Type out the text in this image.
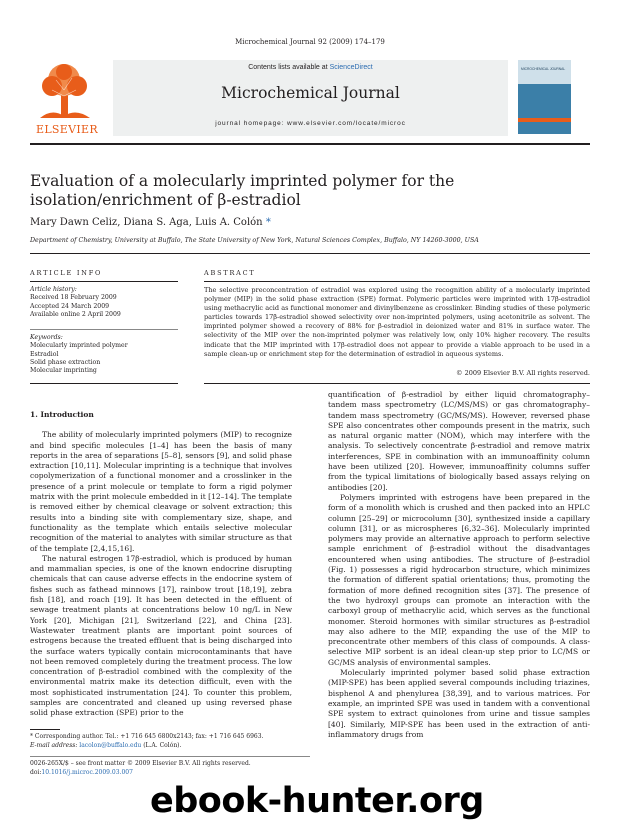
Microchemical Journal 92 (2009) 174–179
ELSEVIER
Contents lists available at ScienceDirect
Microchemical Journal
journal homepage: www.elsevier.com/locate/microc
MICROCHEMICAL JOURNAL
Evaluation of a molecularly imprinted polymer for the isolation/enrichment of β-estradiol
Mary Dawn Celiz, Diana S. Aga, Luis A. Colón *
Department of Chemistry, University at Buffalo, The State University of New York, Natural Sciences Complex, Buffalo, NY 14260-3000, USA
ARTICLE INFO
Article history:
Received 18 February 2009
Accepted 24 March 2009
Available online 2 April 2009
Keywords:
Molecularly imprinted polymer
Estradiol
Solid phase extraction
Molecular imprinting
ABSTRACT
The selective preconcentration of estradiol was explored using the recognition ability of a molecularly imprinted polymer (MIP) in the solid phase extraction (SPE) format. Polymeric particles were imprinted with 17β-estradiol using methacrylic acid as functional monomer and divinylbenzene as crosslinker. Binding studies of these polymeric particles towards 17β-estradiol showed selectivity over non-imprinted polymers, using acetonitrile as solvent. The imprinted polymer showed a recovery of 88% for β-estradiol in deionized water and 81% in surface water. The selectivity of the MIP over the non-imprinted polymer was relatively low, only 10% higher recovery. The results indicate that the MIP imprinted with 17β-estradiol does not appear to provide a viable approach to be used in a sample clean-up or enrichment step for the determination of estradiol in aqueous systems.
© 2009 Elsevier B.V. All rights reserved.

1. Introduction

The ability of molecularly imprinted polymers (MIP) to recognize and bind specific molecules [1–4] has been the basis of many reports in the area of separations [5–8], sensors [9], and solid phase extraction [10,11]. Molecular imprinting is a technique that involves copolymerization of a functional monomer and a crosslinker in the presence of a print molecule or template to form a rigid polymer matrix with the print molecule embedded in it [12–14]. The template is removed either by chemical cleavage or solvent extraction; this results into a binding site with complementary size, shape, and functionality as the template which entails selective molecular recognition of the material to analytes with similar structure as that of the template [2,4,15,16].

The natural estrogen 17β-estradiol, which is produced by human and mammalian species, is one of the known endocrine disrupting chemicals that can cause adverse effects in the endocrine system of fishes such as fathead minnows [17], rainbow trout [18,19], zebra fish [18], and roach [19]. It has been detected in the effluent of sewage treatment plants at concentrations below 10 ng/L in New York [20], Michigan [21], Switzerland [22], and China [23]. Wastewater treatment plants are important point sources of estrogens because the treated effluent that is being discharged into the surface waters typically contain microcontaminants that have not been removed completely during the treatment process. The low concentration of β-estradiol combined with the complexity of the environmental matrix make its detection difficult, even with the most sophisticated instrumentation [24]. To counter this problem, samples are concentrated and cleaned up using reversed phase solid phase extraction (SPE) prior to the

quantification of β-estradiol by either liquid chromatography–tandem mass spectrometry (LC/MS/MS) or gas chromatography–tandem mass spectrometry (GC/MS/MS). However, reversed phase SPE also concentrates other compounds present in the matrix, such as natural organic matter (NOM), which may interfere with the analysis. To selectively concentrate β-estradiol and remove matrix interferences, SPE in combination with an immunoaffinity column have been utilized [20]. However, immunoaffinity columns suffer from the typical limitations of biologically based assays relying on antibodies [20].

Polymers imprinted with estrogens have been prepared in the form of a monolith which is crushed and then packed into an HPLC column [25–29] or microcolumn [30], synthesized inside a capillary column [31], or as microspheres [6,32–36]. Molecularly imprinted polymers may provide an alternative approach to perform selective sample enrichment of β-estradiol without the disadvantages encountered when using antibodies. The structure of β-estradiol (Fig. 1) possesses a rigid hydrocarbon structure, which minimizes the formation of different spatial orientations; thus, promoting the formation of more defined recognition sites [37]. The presence of the two hydroxyl groups can promote an interaction with the carboxyl group of methacrylic acid, which serves as the functional monomer. Steroid hormones with similar structures as β-estradiol may also adhere to the MIP, expanding the use of the MIP to preconcentrate other members of this class of compounds. A class-selective MIP sorbent is an ideal clean-up step prior to LC/MS or GC/MS analysis of environmental samples.

Molecularly imprinted polymer based solid phase extraction (MIP-SPE) has been applied several compounds including triazines, bisphenol A and phenylurea [38,39], and to various matrices. For example, an imprinted SPE was used in tandem with a conventional SPE system to extract quinolones from urine and tissue samples [40]. Similarly, MIP-SPE has been used in the extraction of anti-inflammatory drugs from

* Corresponding author. Tel.: +1 716 645 6800x2143; fax: +1 716 645 6963.
E-mail address: lacolon@buffalo.edu (L.A. Colón).
0026-265X/$ – see front matter © 2009 Elsevier B.V. All rights reserved.
doi:10.1016/j.microc.2009.03.007
ebook-hunter.org
